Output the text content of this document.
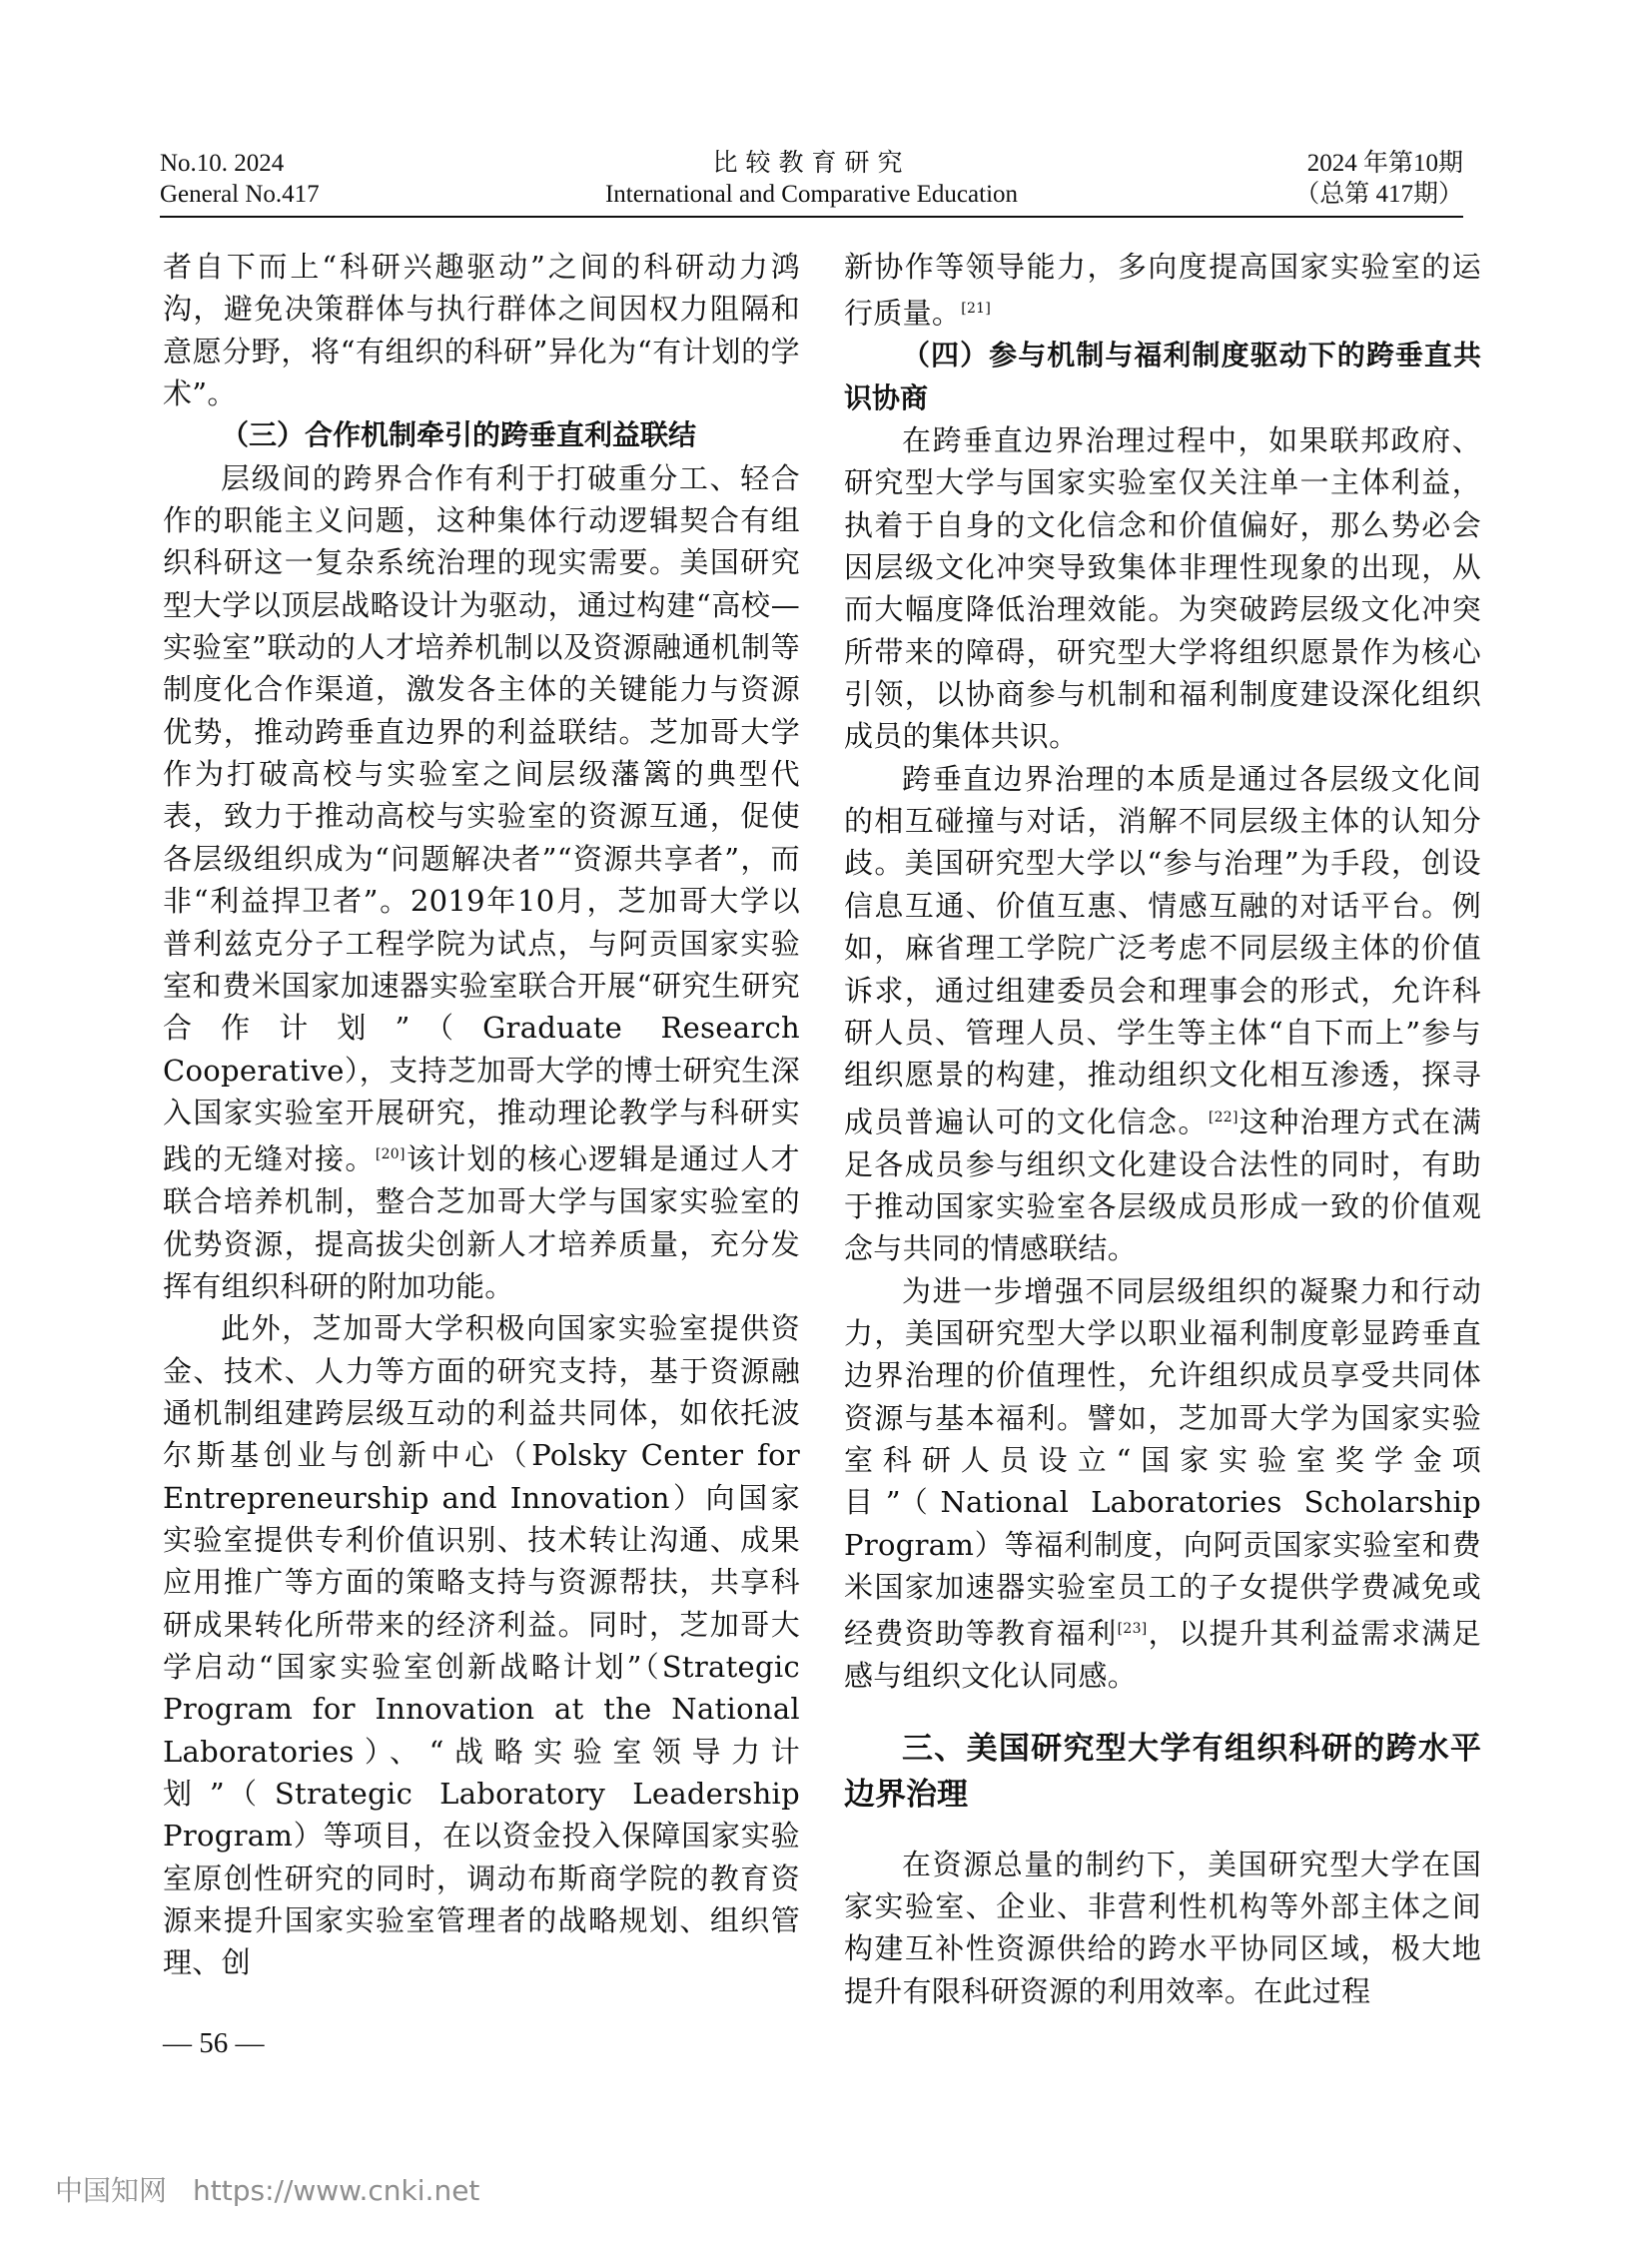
No.10. 2024
General No.417
比较教育研究
International and Comparative Education
2024 年第10期
（总第 417期）

者自下而上“科研兴趣驱动”之间的科研动力鸿沟，避免决策群体与执行群体之间因权力阻隔和意愿分野，将“有组织的科研”异化为“有计划的学术”。

（三）合作机制牵引的跨垂直利益联结

层级间的跨界合作有利于打破重分工、轻合作的职能主义问题，这种集体行动逻辑契合有组织科研这一复杂系统治理的现实需要。美国研究型大学以顶层战略设计为驱动，通过构建“高校—实验室”联动的人才培养机制以及资源融通机制等制度化合作渠道，激发各主体的关键能力与资源优势，推动跨垂直边界的利益联结。芝加哥大学作为打破高校与实验室之间层级藩篱的典型代表，致力于推动高校与实验室的资源互通，促使各层级组织成为“问题解决者”“资源共享者”，而非“利益捍卫者”。2019年10月，芝加哥大学以普利兹克分子工程学院为试点，与阿贡国家实验室和费米国家加速器实验室联合开展“研究生研究合作计划”（Graduate Research Cooperative），支持芝加哥大学的博士研究生深入国家实验室开展研究，推动理论教学与科研实践的无缝对接。[20]该计划的核心逻辑是通过人才联合培养机制，整合芝加哥大学与国家实验室的优势资源，提高拔尖创新人才培养质量，充分发挥有组织科研的附加功能。

此外，芝加哥大学积极向国家实验室提供资金、技术、人力等方面的研究支持，基于资源融通机制组建跨层级互动的利益共同体，如依托波尔斯基创业与创新中心（Polsky Center for Entrepreneurship and Innovation）向国家实验室提供专利价值识别、技术转让沟通、成果应用推广等方面的策略支持与资源帮扶，共享科研成果转化所带来的经济利益。同时，芝加哥大学启动“国家实验室创新战略计划”（Strategic Program for Innovation at the National Laboratories）、“战略实验室领导力计划”（Strategic Laboratory Leadership Program）等项目，在以资金投入保障国家实验室原创性研究的同时，调动布斯商学院的教育资源来提升国家实验室管理者的战略规划、组织管理、创

新协作等领导能力，多向度提高国家实验室的运行质量。[21]

（四）参与机制与福利制度驱动下的跨垂直共识协商

在跨垂直边界治理过程中，如果联邦政府、研究型大学与国家实验室仅关注单一主体利益，执着于自身的文化信念和价值偏好，那么势必会因层级文化冲突导致集体非理性现象的出现，从而大幅度降低治理效能。为突破跨层级文化冲突所带来的障碍，研究型大学将组织愿景作为核心引领，以协商参与机制和福利制度建设深化组织成员的集体共识。

跨垂直边界治理的本质是通过各层级文化间的相互碰撞与对话，消解不同层级主体的认知分歧。美国研究型大学以“参与治理”为手段，创设信息互通、价值互惠、情感互融的对话平台。例如，麻省理工学院广泛考虑不同层级主体的价值诉求，通过组建委员会和理事会的形式，允许科研人员、管理人员、学生等主体“自下而上”参与组织愿景的构建，推动组织文化相互渗透，探寻成员普遍认可的文化信念。[22]这种治理方式在满足各成员参与组织文化建设合法性的同时，有助于推动国家实验室各层级成员形成一致的价值观念与共同的情感联结。

为进一步增强不同层级组织的凝聚力和行动力，美国研究型大学以职业福利制度彰显跨垂直边界治理的价值理性，允许组织成员享受共同体资源与基本福利。譬如，芝加哥大学为国家实验室科研人员设立“国家实验室奖学金项目”（National Laboratories Scholarship Program）等福利制度，向阿贡国家实验室和费米国家加速器实验室员工的子女提供学费减免或经费资助等教育福利[23]，以提升其利益需求满足感与组织文化认同感。

三、美国研究型大学有组织科研的跨水平边界治理

在资源总量的制约下，美国研究型大学在国家实验室、企业、非营利性机构等外部主体之间构建互补性资源供给的跨水平协同区域，极大地提升有限科研资源的利用效率。在此过程

— 56 —
中国知网 https://www.cnki.net
